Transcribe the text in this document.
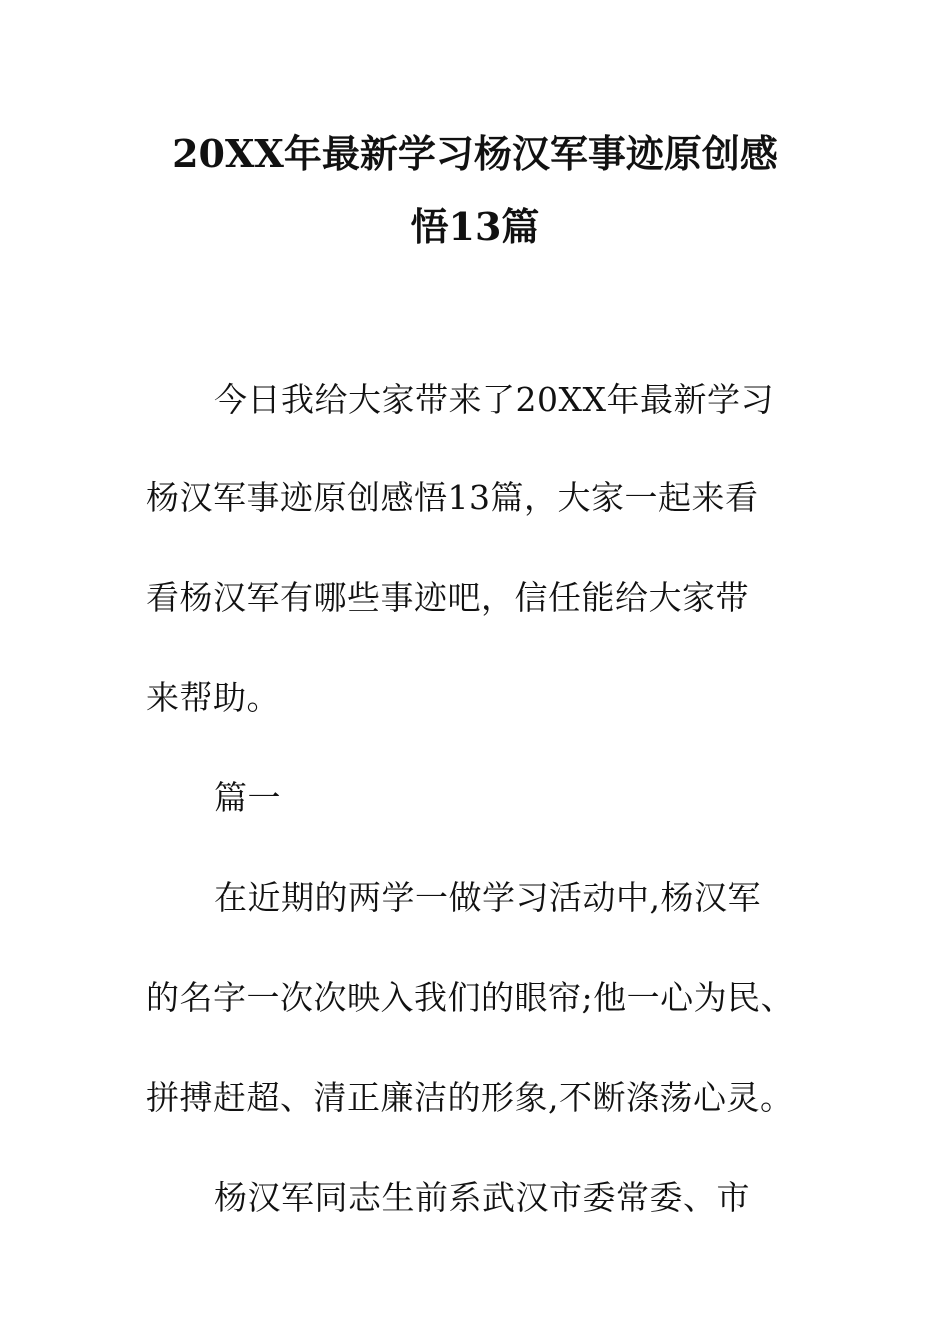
20XX年最新学习杨汉军事迹原创感
悟13篇
今日我给大家带来了20XX年最新学习
杨汉军事迹原创感悟13篇，大家一起来看
看杨汉军有哪些事迹吧，信任能给大家带
来帮助。
篇一
在近期的两学一做学习活动中,杨汉军
的名字一次次映入我们的眼帘;他一心为民、
拼搏赶超、清正廉洁的形象,不断涤荡心灵。
杨汉军同志生前系武汉市委常委、市
